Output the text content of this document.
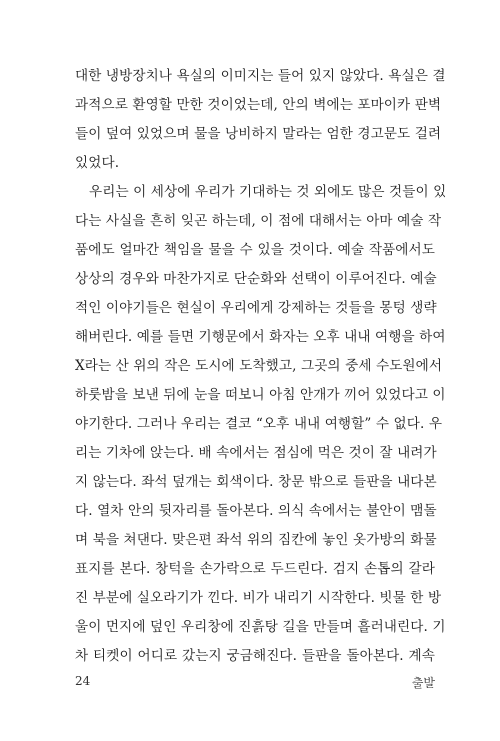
대한 냉방장치나 욕실의 이미지는 들어 있지 않았다. 욕실은 결
과적으로 환영할 만한 것이었는데, 안의 벽에는 포마이카 판벽
들이 덮여 있었으며 물을 낭비하지 말라는 엄한 경고문도 걸려
있었다.
우리는 이 세상에 우리가 기대하는 것 외에도 많은 것들이 있
다는 사실을 흔히 잊곤 하는데, 이 점에 대해서는 아마 예술 작
품에도 얼마간 책임을 물을 수 있을 것이다. 예술 작품에서도
상상의 경우와 마찬가지로 단순화와 선택이 이루어진다. 예술
적인 이야기들은 현실이 우리에게 강제하는 것들을 몽텅 생략
해버린다. 예를 들면 기행문에서 화자는 오후 내내 여행을 하여
X라는 산 위의 작은 도시에 도착했고, 그곳의 중세 수도원에서
하룻밤을 보낸 뒤에 눈을 떠보니 아침 안개가 끼어 있었다고 이
야기한다. 그러나 우리는 결코 “오후 내내 여행할” 수 없다. 우
리는 기차에 앉는다. 배 속에서는 점심에 먹은 것이 잘 내려가
지 않는다. 좌석 덮개는 회색이다. 창문 밖으로 들판을 내다본
다. 열차 안의 뒷자리를 돌아본다. 의식 속에서는 불안이 맴돌
며 북을 쳐댄다. 맞은편 좌석 위의 짐칸에 놓인 옷가방의 화물
표지를 본다. 창턱을 손가락으로 두드린다. 검지 손톱의 갈라
진 부분에 실오라기가 낀다. 비가 내리기 시작한다. 빗물 한 방
울이 먼지에 덮인 우리창에 진흙탕 길을 만들며 흘러내린다. 기
차 티켓이 어디로 갔는지 궁금해진다. 들판을 돌아본다. 계속
24	출발
